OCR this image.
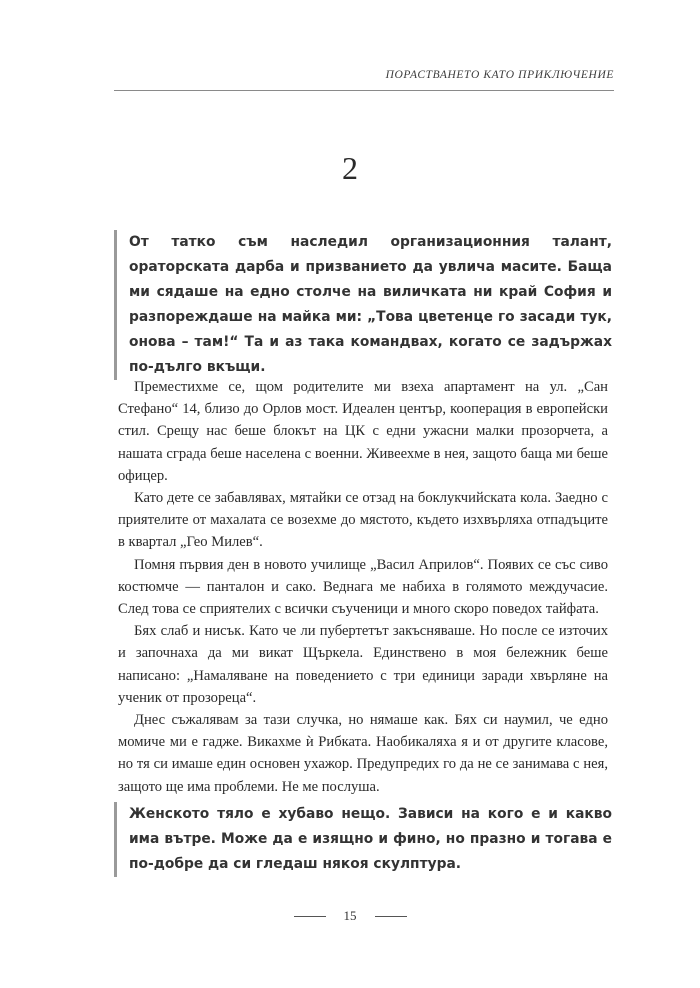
ПОРАСТВАНЕТО КАТО ПРИКЛЮЧЕНИЕ
2

От татко съм наследил организационния талант, ораторската дарба и призванието да увлича масите. Баща ми сядаше на едно столче на виличката ни край София и разпореждаше на майка ми: „Това цветенце го засади тук, онова – там!“ Та и аз така командвах, когато се задържах по-дълго вкъщи.

Преместихме се, щом родителите ми взеха апартамент на ул. „Сан Стефано“ 14, близо до Орлов мост. Идеален център, кооперация в европейски стил. Срещу нас беше блокът на ЦК с едни ужасни малки прозорчета, а нашата сграда беше населена с военни. Живеехме в нея, защото баща ми беше офицер.

Като дете се забавлявах, мятайки се отзад на боклукчийската кола. Заедно с приятелите от махалата се возехме до мястото, където изхвърляха отпадъците в квартал „Гео Милев“.

Помня първия ден в новото училище „Васил Априлов“. Появих се със сиво костюмче — панталон и сако. Веднага ме набиха в голямото междучасие. След това се сприятелих с всички съученици и много скоро поведох тайфата.

Бях слаб и нисък. Като че ли пубертетът закъсняваше. Но после се източих и започнаха да ми викат Щъркела. Единствено в моя бележник беше написано: „Намаляване на поведението с три единици заради хвърляне на ученик от прозореца“.

Днес съжалявам за тази случка, но нямаше как. Бях си наумил, че едно момиче ми е гадже. Викахме ѝ Рибката. Наобикаляха я и от другите класове, но тя си имаше един основен ухажор. Предупредих го да не се занимава с нея, защото ще има проблеми. Не ме послуша.

Женското тяло е хубаво нещо. Зависи на кого е и какво има вътре. Може да е изящно и фино, но празно и тогава е по-добре да си гледаш някоя скулптура.

15
